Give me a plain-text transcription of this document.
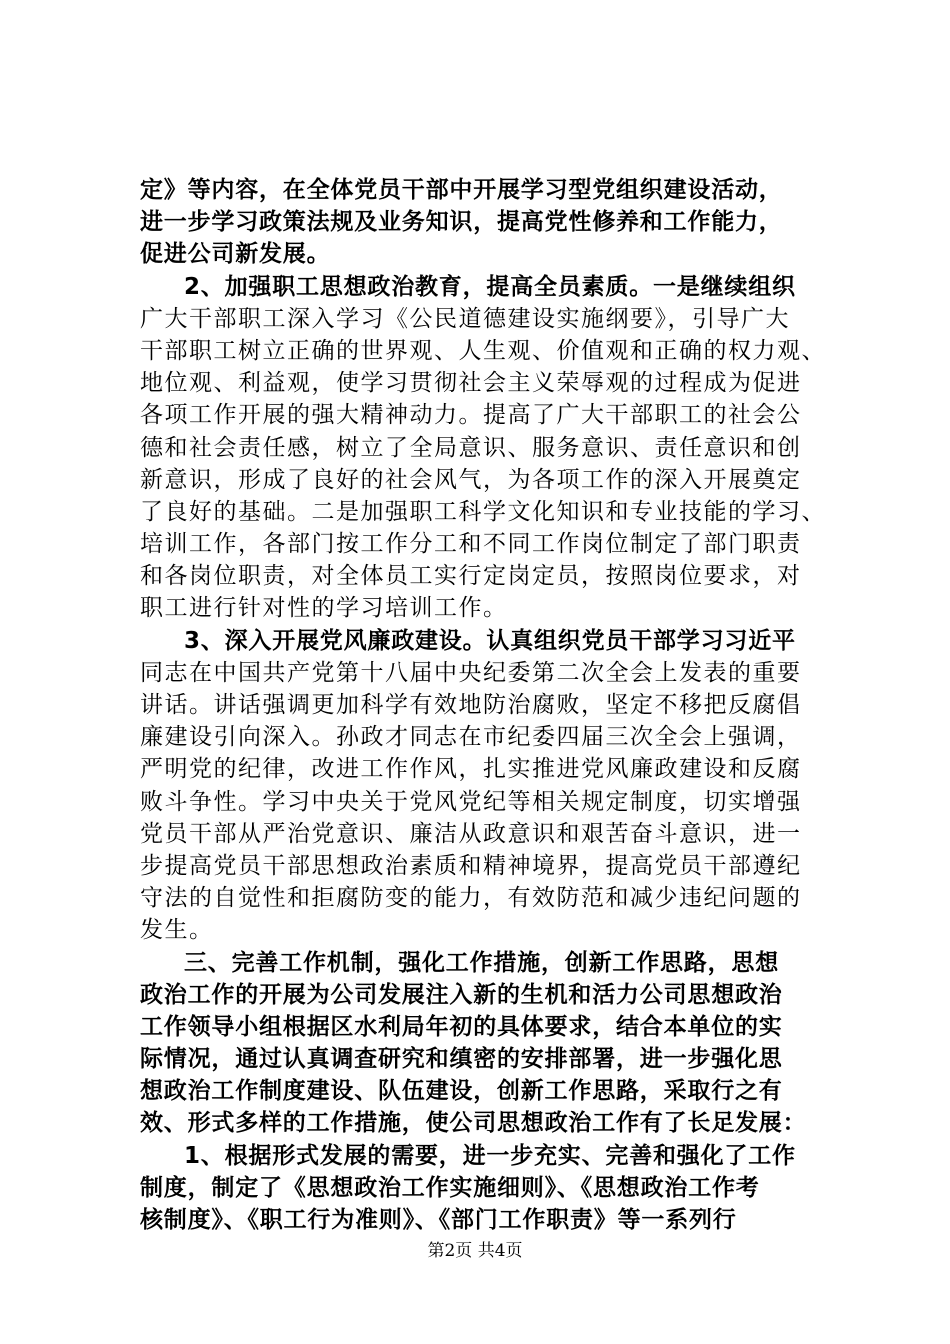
定》等内容，在全体党员干部中开展学习型党组织建设活动，
进一步学习政策法规及业务知识，提高党性修养和工作能力，
促进公司新发展。
2、加强职工思想政治教育，提高全员素质。一是继续组织
广大干部职工深入学习《公民道德建设实施纲要》，引导广大
干部职工树立正确的世界观、人生观、价值观和正确的权力观、
地位观、利益观，使学习贯彻社会主义荣辱观的过程成为促进
各项工作开展的强大精神动力。提高了广大干部职工的社会公
德和社会责任感，树立了全局意识、服务意识、责任意识和创
新意识，形成了良好的社会风气，为各项工作的深入开展奠定
了良好的基础。二是加强职工科学文化知识和专业技能的学习、
培训工作，各部门按工作分工和不同工作岗位制定了部门职责
和各岗位职责，对全体员工实行定岗定员，按照岗位要求，对
职工进行针对性的学习培训工作。
3、深入开展党风廉政建设。认真组织党员干部学习习近平
同志在中国共产党第十八届中央纪委第二次全会上发表的重要
讲话。讲话强调更加科学有效地防治腐败，坚定不移把反腐倡
廉建设引向深入。孙政才同志在市纪委四届三次全会上强调，
严明党的纪律，改进工作作风，扎实推进党风廉政建设和反腐
败斗争性。学习中央关于党风党纪等相关规定制度，切实增强
党员干部从严治党意识、廉洁从政意识和艰苦奋斗意识，进一
步提高党员干部思想政治素质和精神境界，提高党员干部遵纪
守法的自觉性和拒腐防变的能力，有效防范和减少违纪问题的
发生。
三、完善工作机制，强化工作措施，创新工作思路，思想
政治工作的开展为公司发展注入新的生机和活力公司思想政治
工作领导小组根据区水利局年初的具体要求，结合本单位的实
际情况，通过认真调查研究和缜密的安排部署，进一步强化思
想政治工作制度建设、队伍建设，创新工作思路，采取行之有
效、形式多样的工作措施，使公司思想政治工作有了长足发展：
1、根据形式发展的需要，进一步充实、完善和强化了工作
制度，制定了《思想政治工作实施细则》、《思想政治工作考
核制度》、《职工行为准则》、《部门工作职责》等一系列行
第2页 共4页
